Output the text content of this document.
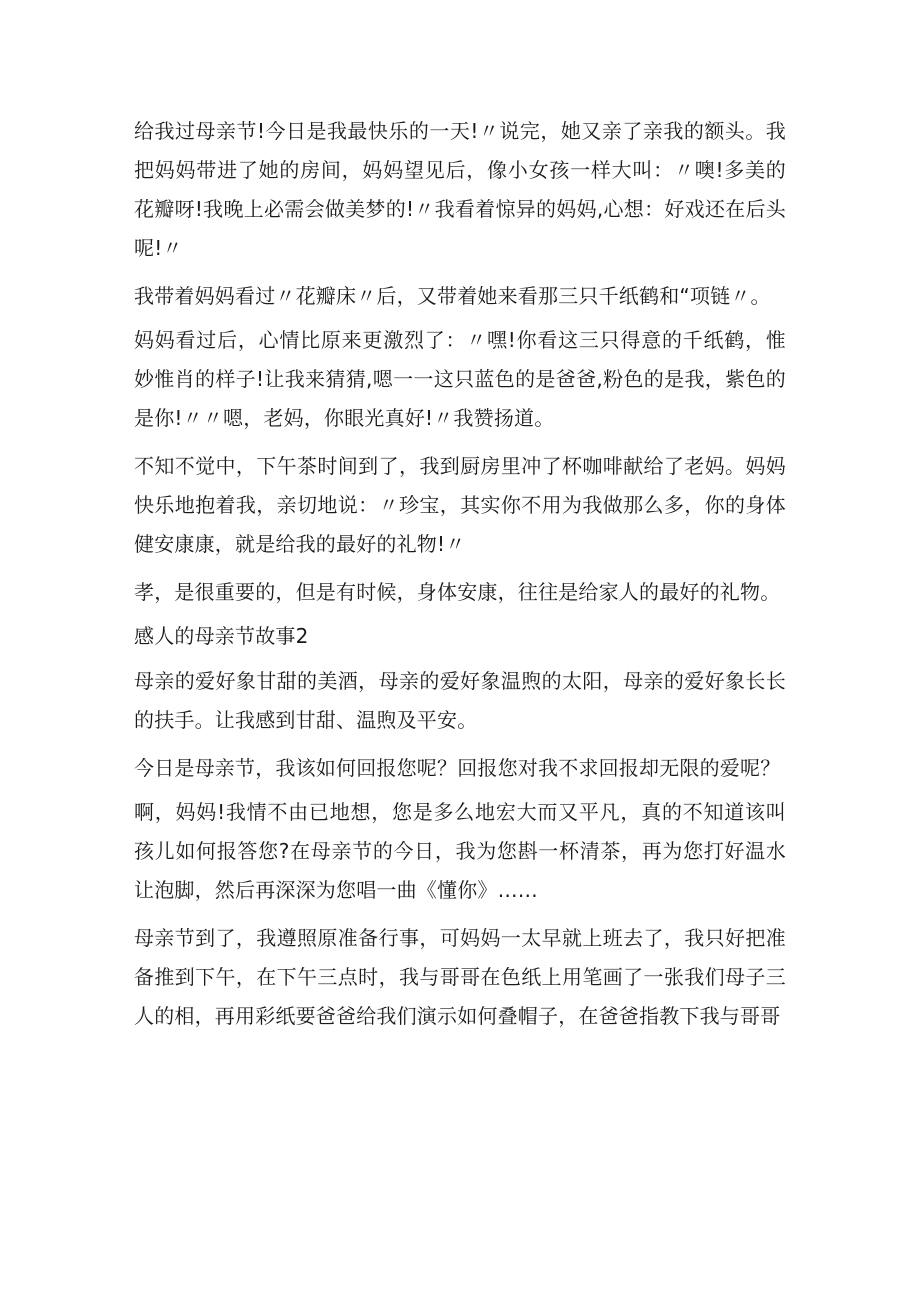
给我过母亲节!今日是我最快乐的一天!〃说完，她又亲了亲我的额头。我把妈妈带进了她的房间，妈妈望见后，像小女孩一样大叫：〃噢!多美的花瓣呀!我晚上必需会做美梦的!〃我看着惊异的妈妈,心想：好戏还在后头呢!〃

我带着妈妈看过〃花瓣床〃后，又带着她来看那三只千纸鹤和“项链〃。

妈妈看过后，心情比原来更激烈了：〃嘿!你看这三只得意的千纸鹤，惟妙惟肖的样子!让我来猜猜,嗯一一这只蓝色的是爸爸,粉色的是我，紫色的是你!〃〃嗯，老妈，你眼光真好!〃我赞扬道。

不知不觉中，下午茶时间到了，我到厨房里冲了杯咖啡献给了老妈。妈妈快乐地抱着我，亲切地说：〃珍宝，其实你不用为我做那么多，你的身体健安康康，就是给我的最好的礼物!〃

孝，是很重要的，但是有时候，身体安康，往往是给家人的最好的礼物。

感人的母亲节故事2

母亲的爱好象甘甜的美酒，母亲的爱好象温煦的太阳，母亲的爱好象长长的扶手。让我感到甘甜、温煦及平安。

今日是母亲节，我该如何回报您呢？回报您对我不求回报却无限的爱呢？

啊，妈妈!我情不由已地想，您是多么地宏大而又平凡，真的不知道该叫孩儿如何报答您?在母亲节的今日，我为您斟一杯清茶，再为您打好温水让泡脚，然后再深深为您唱一曲《懂你》……

母亲节到了，我遵照原准备行事，可妈妈一太早就上班去了，我只好把准备推到下午，在下午三点时，我与哥哥在色纸上用笔画了一张我们母子三人的相，再用彩纸要爸爸给我们演示如何叠帽子，在爸爸指教下我与哥哥
